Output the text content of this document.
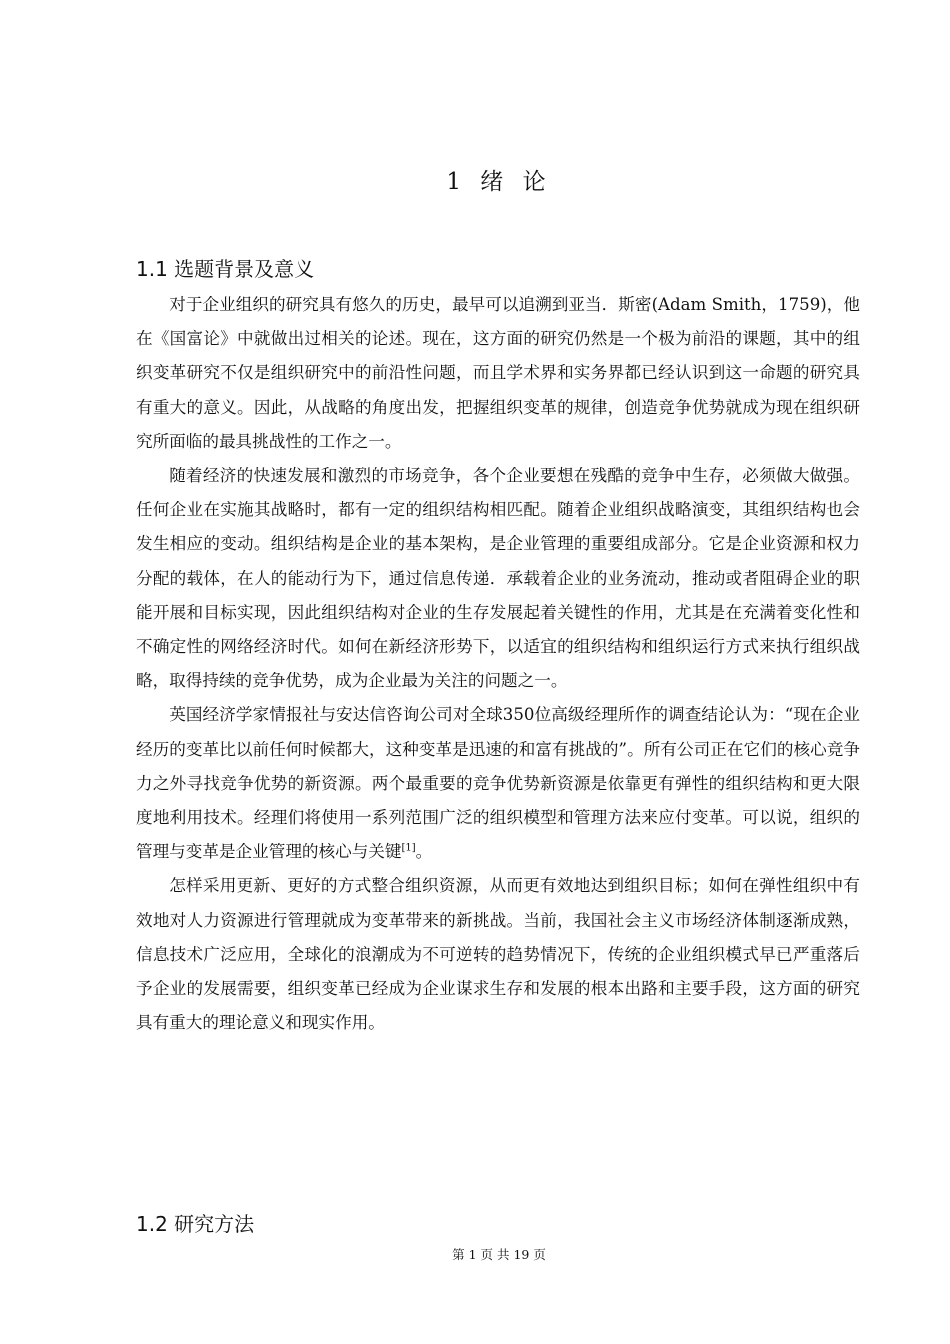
1 绪 论
1.1 选题背景及意义

对于企业组织的研究具有悠久的历史，最早可以追溯到亚当．斯密(Adam Smith，1759)，他在《国富论》中就做出过相关的论述。现在，这方面的研究仍然是一个极为前沿的课题，其中的组织变革研究不仅是组织研究中的前沿性问题，而且学术界和实务界都已经认识到这一命题的研究具有重大的意义。因此，从战略的角度出发，把握组织变革的规律，创造竞争优势就成为现在组织研究所面临的最具挑战性的工作之一。

随着经济的快速发展和激烈的市场竞争，各个企业要想在残酷的竞争中生存，必须做大做强。任何企业在实施其战略时，都有一定的组织结构相匹配。随着企业组织战略演变，其组织结构也会发生相应的变动。组织结构是企业的基本架构，是企业管理的重要组成部分。它是企业资源和权力分配的载体，在人的能动行为下，通过信息传递．承载着企业的业务流动，推动或者阻碍企业的职能开展和目标实现，因此组织结构对企业的生存发展起着关键性的作用，尤其是在充满着变化性和不确定性的网络经济时代。如何在新经济形势下，以适宜的组织结构和组织运行方式来执行组织战略，取得持续的竞争优势，成为企业最为关注的问题之一。

英国经济学家情报社与安达信咨询公司对全球350位高级经理所作的调查结论认为：“现在企业经历的变革比以前任何时候都大，这种变革是迅速的和富有挑战的”。所有公司正在它们的核心竞争力之外寻找竞争优势的新资源。两个最重要的竞争优势新资源是依靠更有弹性的组织结构和更大限度地利用技术。经理们将使用一系列范围广泛的组织模型和管理方法来应付变革。可以说，组织的管理与变革是企业管理的核心与关键[1]。

怎样采用更新、更好的方式整合组织资源，从而更有效地达到组织目标；如何在弹性组织中有效地对人力资源进行管理就成为变革带来的新挑战。当前，我国社会主义市场经济体制逐渐成熟，信息技术广泛应用，全球化的浪潮成为不可逆转的趋势情况下，传统的企业组织模式早已严重落后予企业的发展需要，组织变革已经成为企业谋求生存和发展的根本出路和主要手段，这方面的研究具有重大的理论意义和现实作用。

1.2 研究方法
第 1 页 共 19 页
